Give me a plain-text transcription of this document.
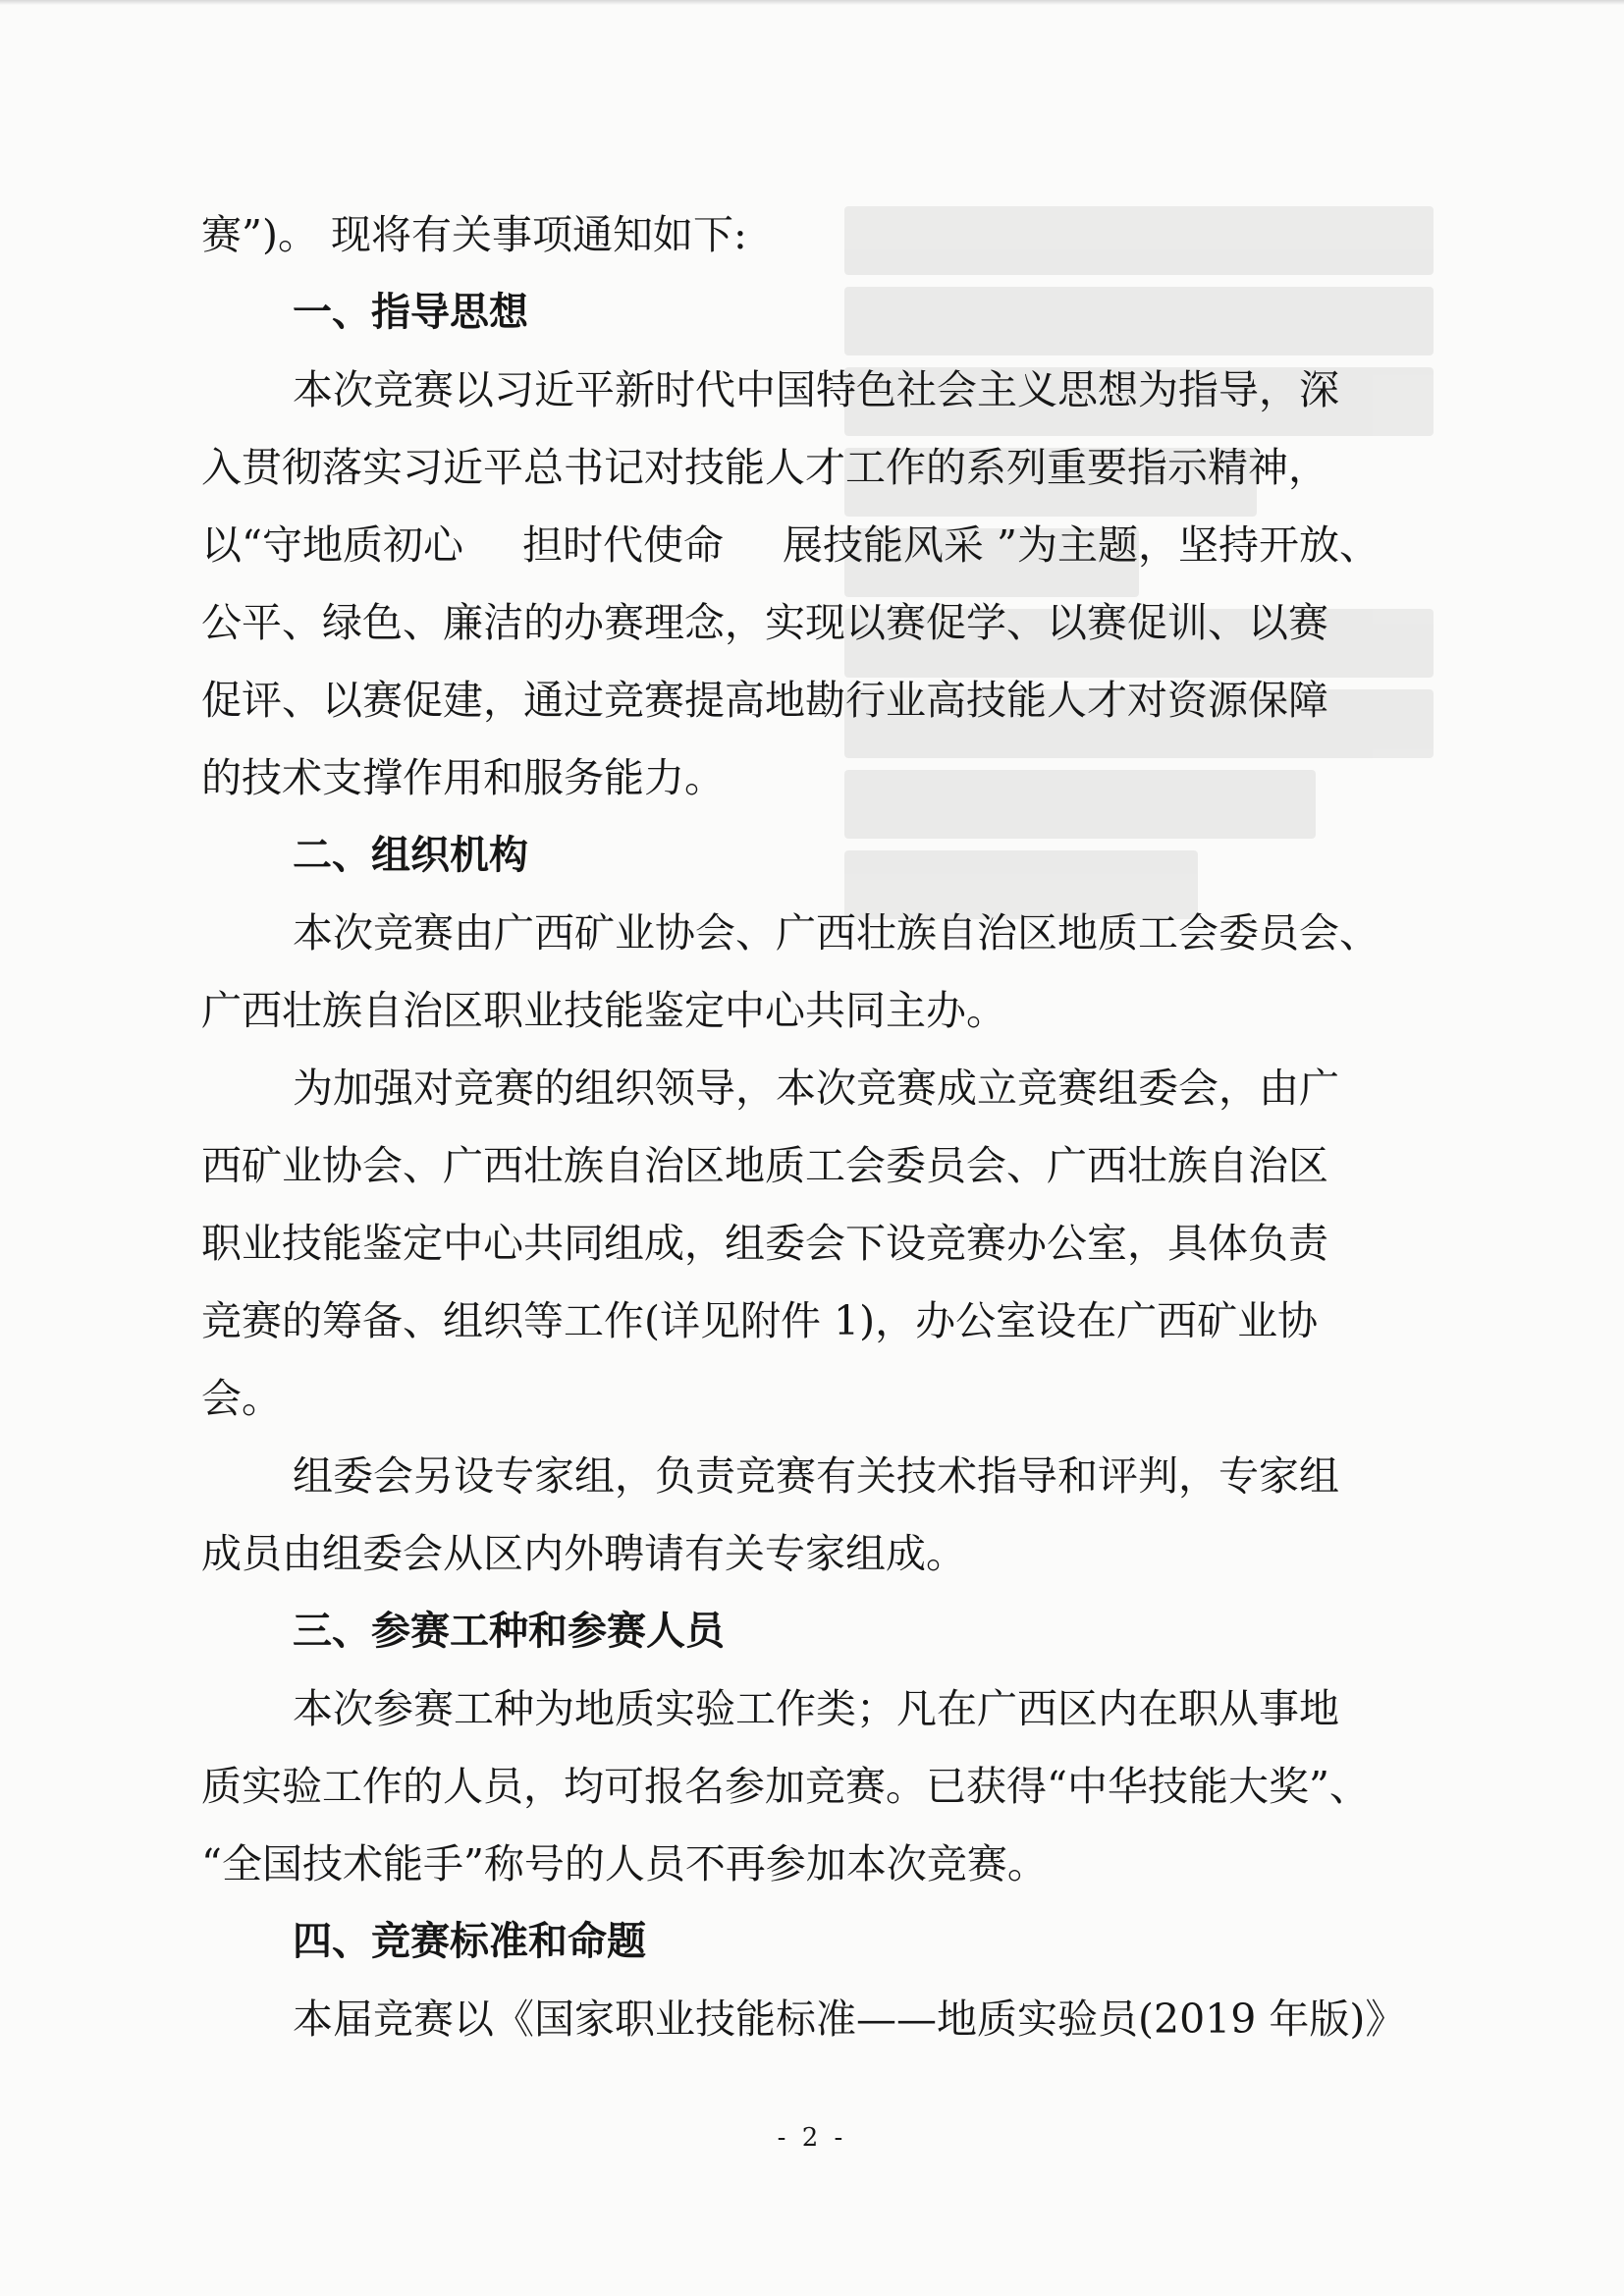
赛”)。 现将有关事项通知如下:
一、指导思想
本次竞赛以习近平新时代中国特色社会主义思想为指导，深
入贯彻落实习近平总书记对技能人才工作的系列重要指示精神，
以“守地质初心 担时代使命 展技能风采 ”为主题，坚持开放、
公平、绿色、廉洁的办赛理念，实现以赛促学、以赛促训、以赛
促评、以赛促建，通过竞赛提高地勘行业高技能人才对资源保障
的技术支撑作用和服务能力。
二、组织机构
本次竞赛由广西矿业协会、广西壮族自治区地质工会委员会、
广西壮族自治区职业技能鉴定中心共同主办。
为加强对竞赛的组织领导，本次竞赛成立竞赛组委会，由广
西矿业协会、广西壮族自治区地质工会委员会、广西壮族自治区
职业技能鉴定中心共同组成，组委会下设竞赛办公室，具体负责
竞赛的筹备、组织等工作(详见附件 1)，办公室设在广西矿业协
会。
组委会另设专家组，负责竞赛有关技术指导和评判，专家组
成员由组委会从区内外聘请有关专家组成。
三、参赛工种和参赛人员
本次参赛工种为地质实验工作类；凡在广西区内在职从事地
质实验工作的人员，均可报名参加竞赛。已获得“中华技能大奖”、
“全国技术能手”称号的人员不再参加本次竞赛。
四、竞赛标准和命题
本届竞赛以《国家职业技能标准——地质实验员(2019 年版)》
- 2 -
